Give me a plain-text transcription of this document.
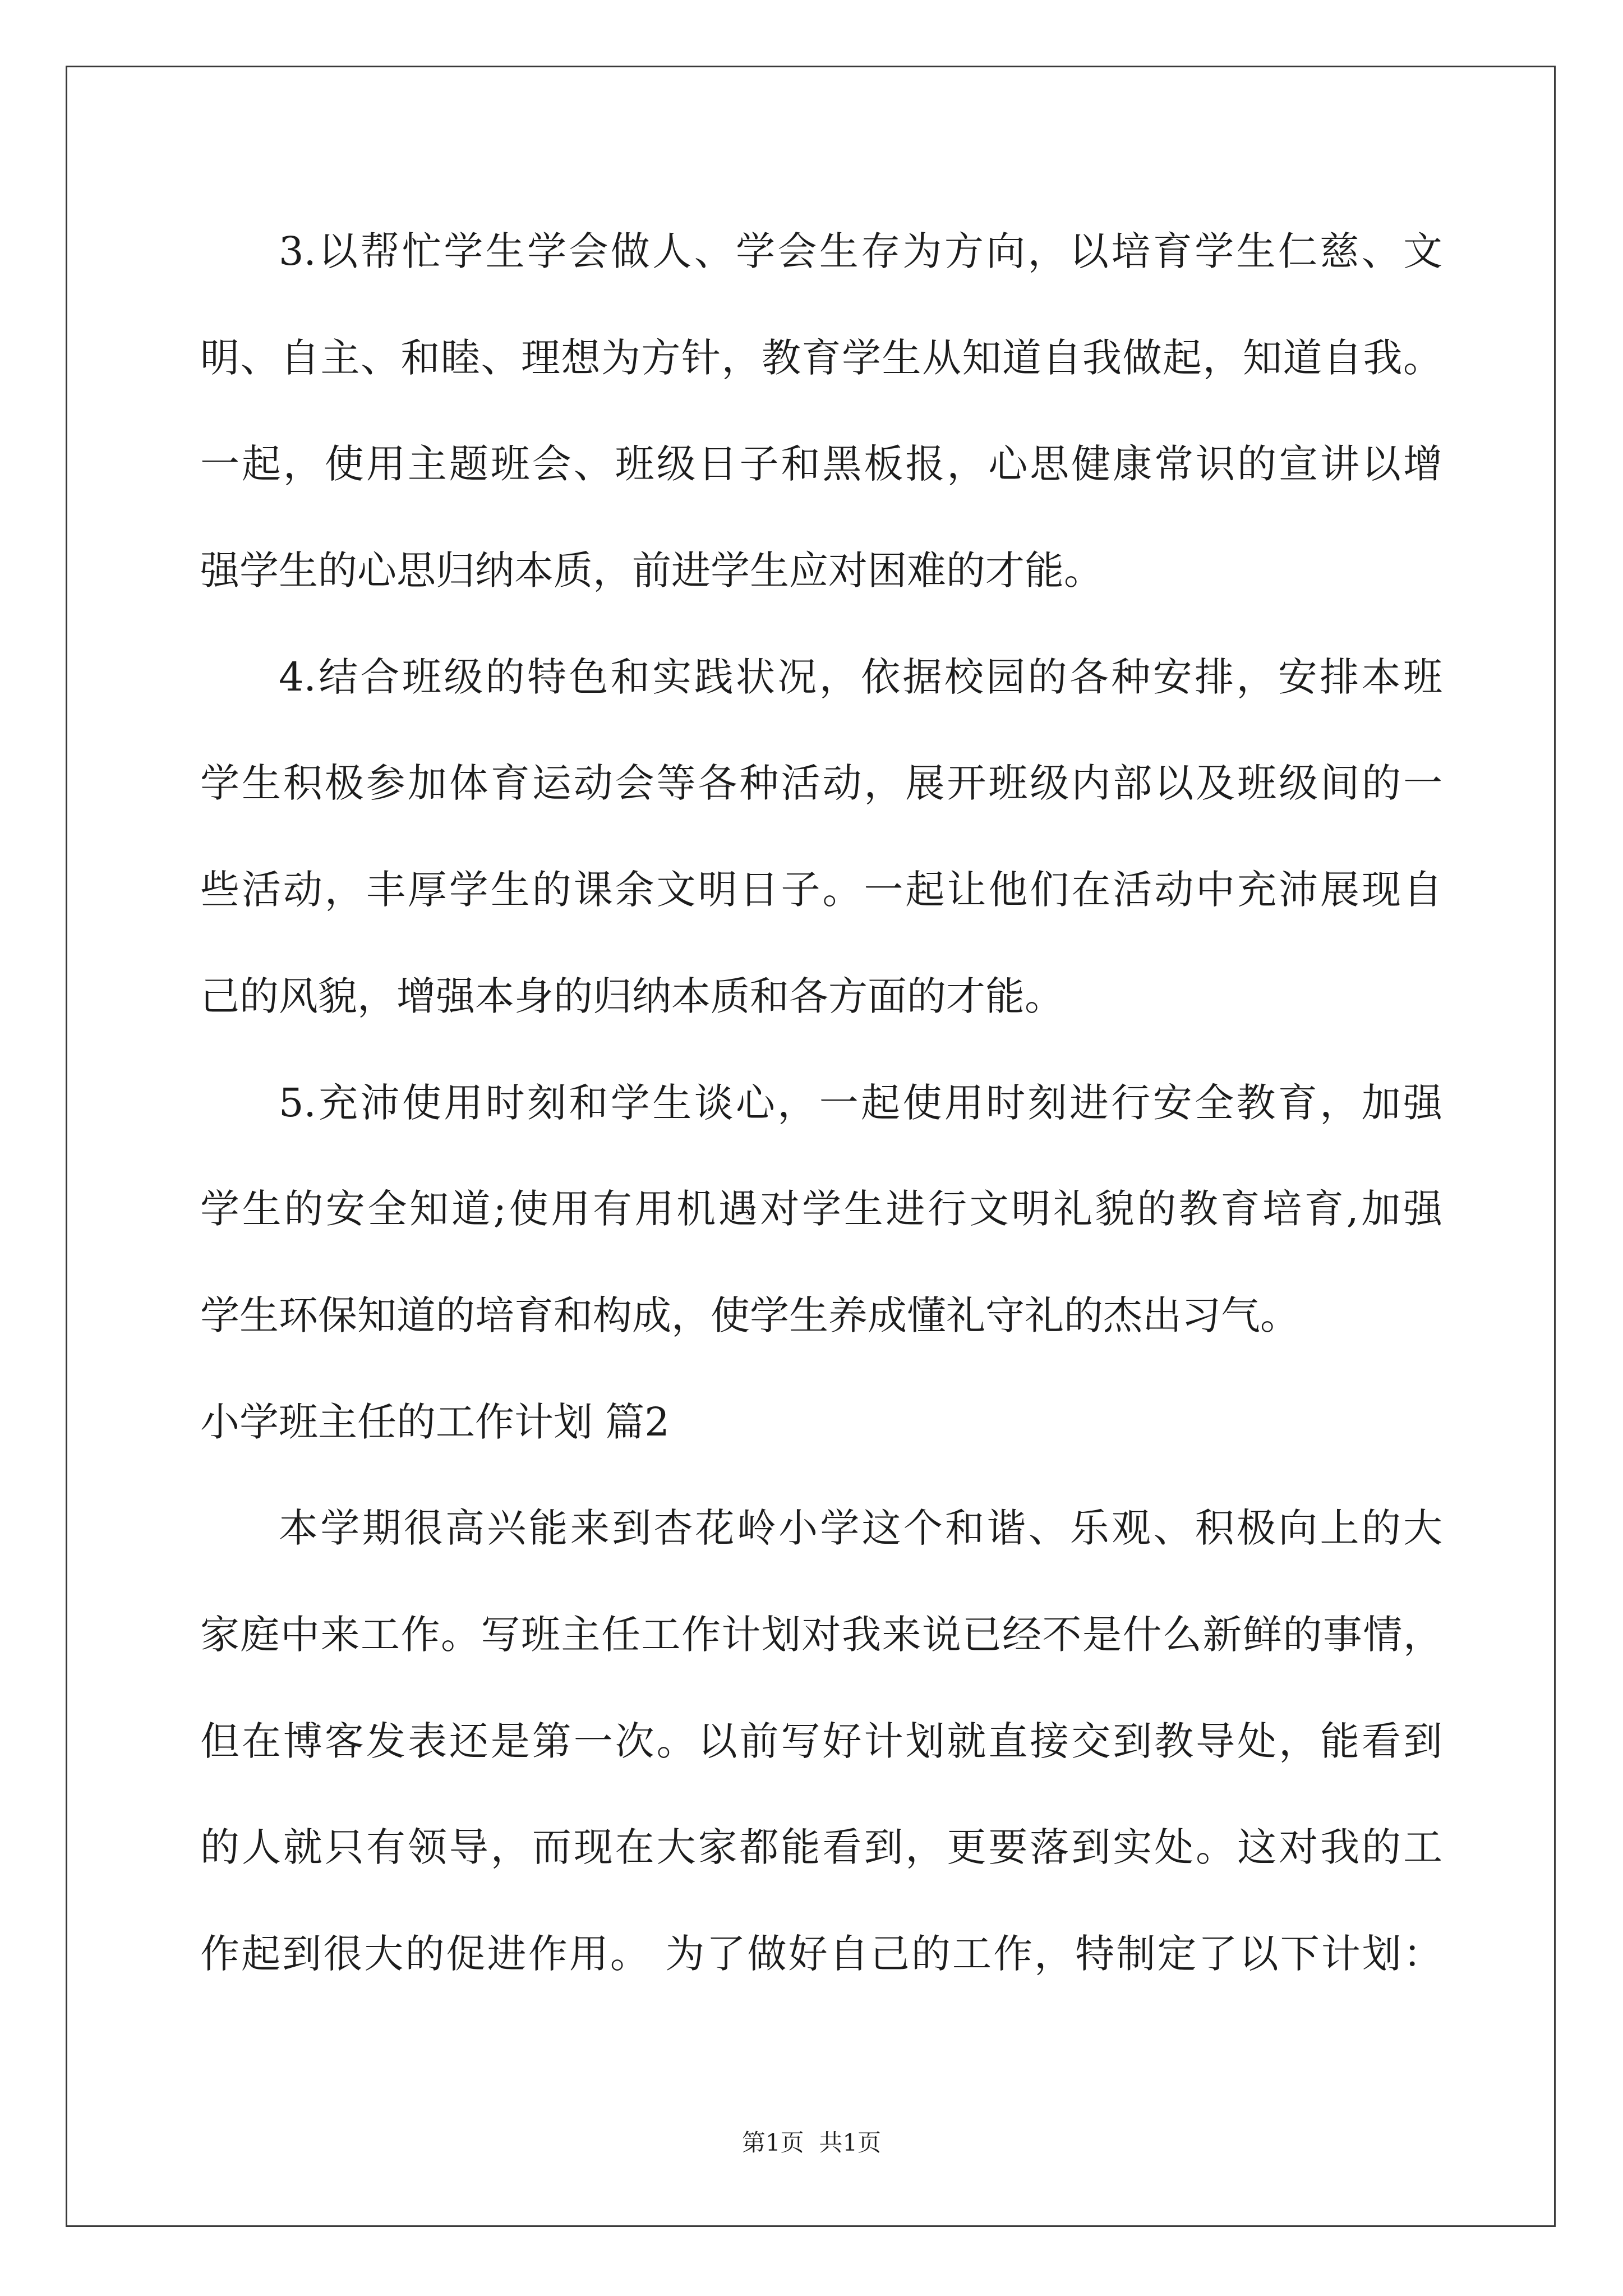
3.以帮忙学生学会做人、学会生存为方向，以培育学生仁慈、文
明、自主、和睦、理想为方针，教育学生从知道自我做起，知道自我。
一起，使用主题班会、班级日子和黑板报，心思健康常识的宣讲以增
强学生的心思归纳本质，前进学生应对困难的才能。
4.结合班级的特色和实践状况，依据校园的各种安排，安排本班
学生积极参加体育运动会等各种活动，展开班级内部以及班级间的一
些活动，丰厚学生的课余文明日子。一起让他们在活动中充沛展现自
己的风貌，增强本身的归纳本质和各方面的才能。
5.充沛使用时刻和学生谈心，一起使用时刻进行安全教育，加强
学生的安全知道;使用有用机遇对学生进行文明礼貌的教育培育,加强
学生环保知道的培育和构成，使学生养成懂礼守礼的杰出习气。
小学班主任的工作计划 篇2
本学期很高兴能来到杏花岭小学这个和谐、乐观、积极向上的大
家庭中来工作。写班主任工作计划对我来说已经不是什么新鲜的事情，
但在博客发表还是第一次。以前写好计划就直接交到教导处，能看到
的人就只有领导，而现在大家都能看到，更要落到实处。这对我的工
作起到很大的促进作用。 为了做好自己的工作，特制定了以下计划：
第1页  共1页
